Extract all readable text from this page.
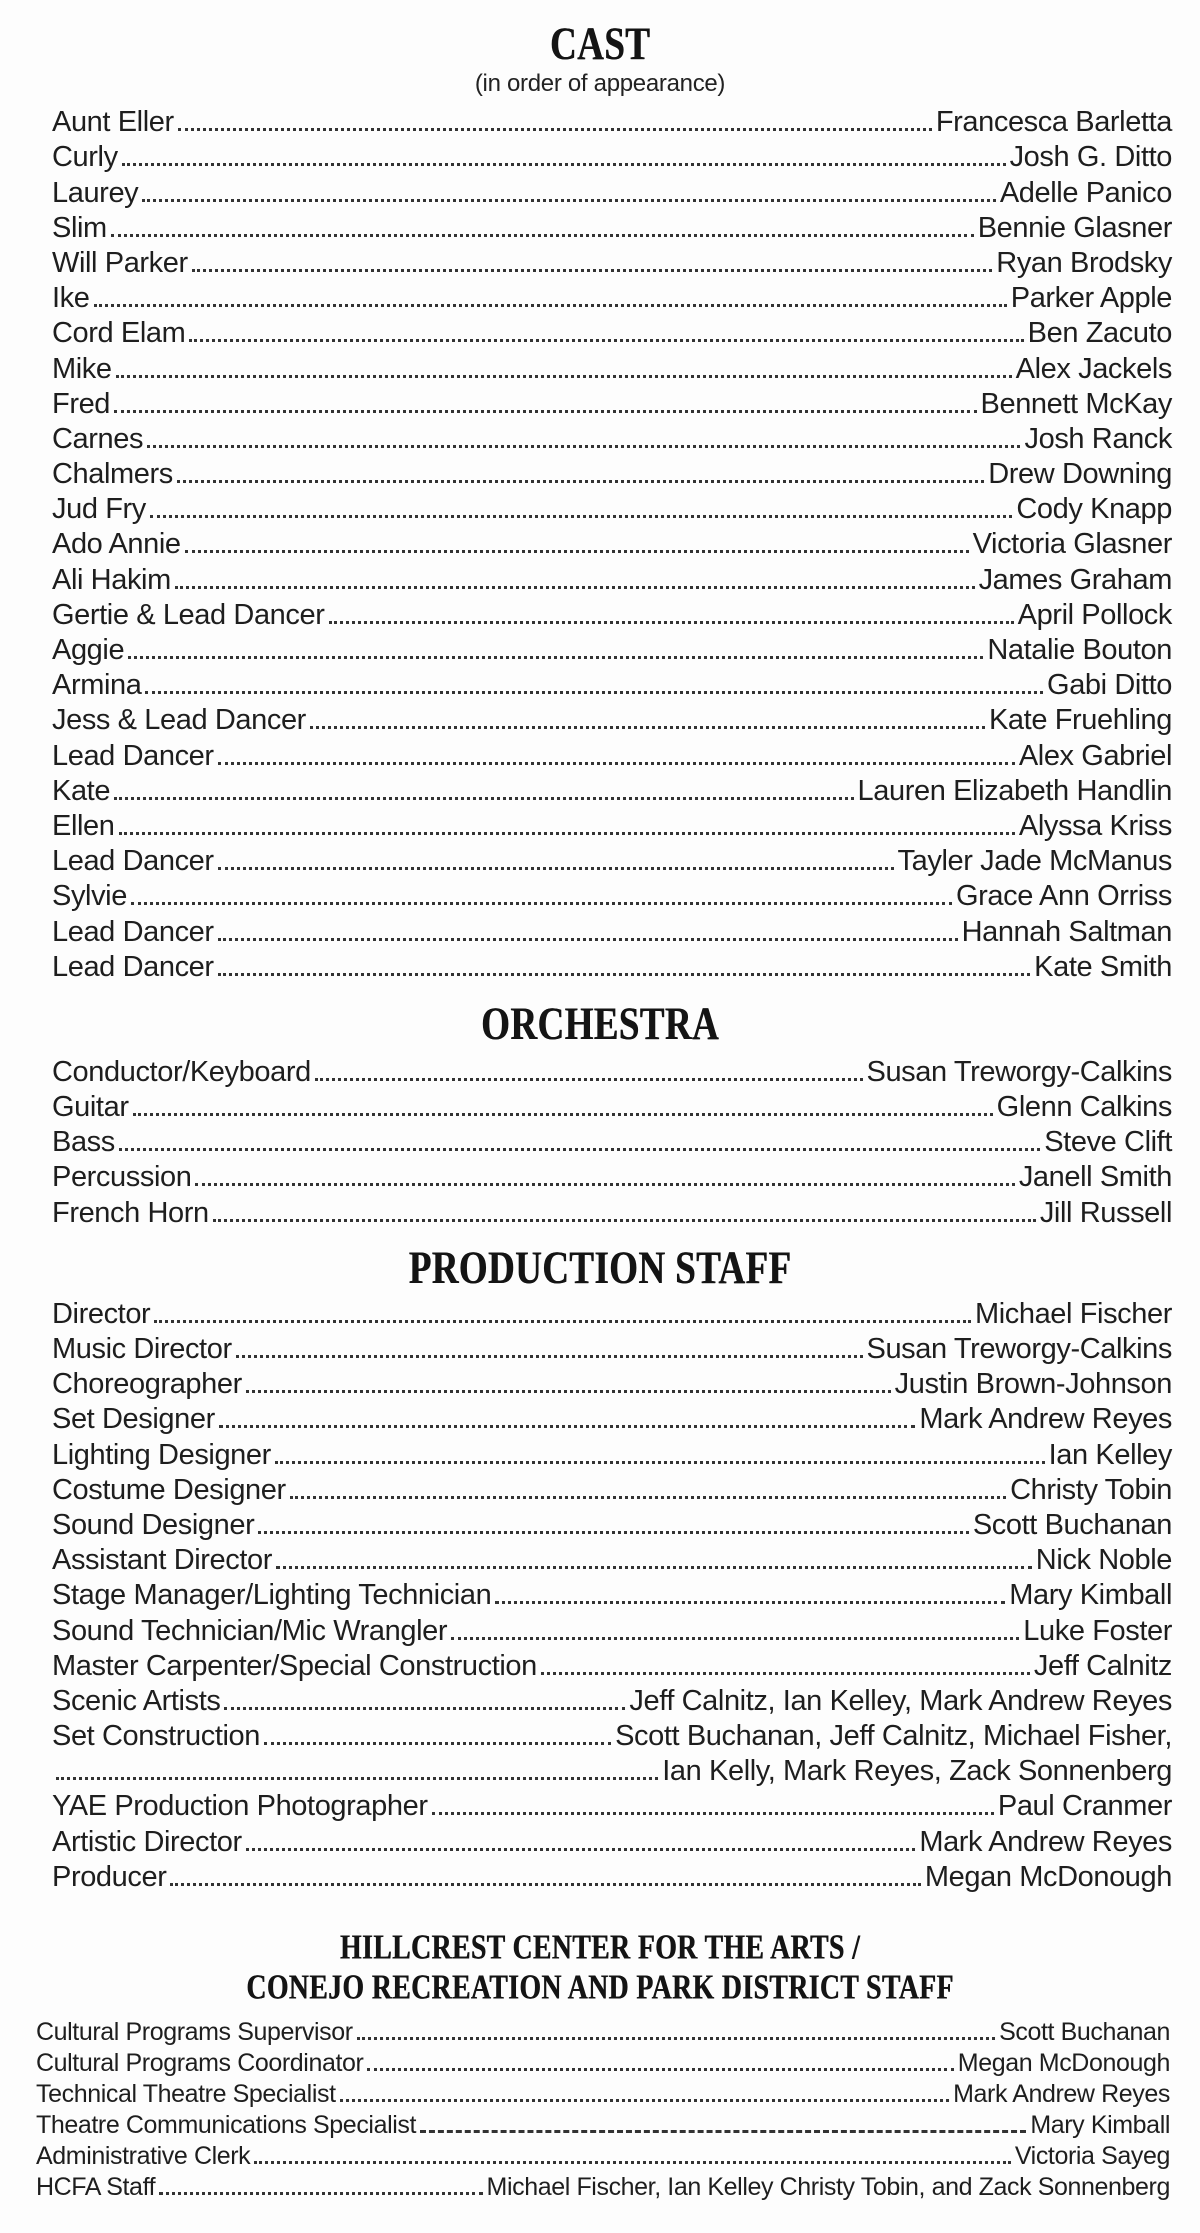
CAST
(in order of appearance)
Aunt Eller	Francesca Barletta
Curly	Josh G. Ditto
Laurey	Adelle Panico
Slim	Bennie Glasner
Will Parker	Ryan Brodsky
Ike	Parker Apple
Cord Elam	Ben Zacuto
Mike	Alex Jackels
Fred	Bennett McKay
Carnes	Josh Ranck
Chalmers	Drew Downing
Jud Fry	Cody Knapp
Ado Annie	Victoria Glasner
Ali Hakim	James Graham
Gertie & Lead Dancer	April Pollock
Aggie	Natalie Bouton
Armina	Gabi Ditto
Jess & Lead Dancer	Kate Fruehling
Lead Dancer	Alex Gabriel
Kate	Lauren Elizabeth Handlin
Ellen	Alyssa Kriss
Lead Dancer	Tayler Jade McManus
Sylvie	Grace Ann Orriss
Lead Dancer	Hannah Saltman
Lead Dancer	Kate Smith
ORCHESTRA
Conductor/Keyboard	Susan Treworgy-Calkins
Guitar	Glenn Calkins
Bass	Steve Clift
Percussion	Janell Smith
French Horn	Jill Russell
PRODUCTION STAFF
Director	Michael Fischer
Music Director	Susan Treworgy-Calkins
Choreographer	Justin Brown-Johnson
Set Designer	Mark Andrew Reyes
Lighting Designer	Ian Kelley
Costume Designer	Christy Tobin
Sound Designer	Scott Buchanan
Assistant Director	Nick Noble
Stage Manager/Lighting Technician	Mary Kimball
Sound Technician/Mic Wrangler	Luke Foster
Master Carpenter/Special Construction	Jeff Calnitz
Scenic Artists	Jeff Calnitz, Ian Kelley, Mark Andrew Reyes
Set Construction	Scott Buchanan, Jeff Calnitz, Michael Fisher,
Ian Kelly, Mark Reyes, Zack Sonnenberg
YAE Production Photographer	Paul Cranmer
Artistic Director	Mark Andrew Reyes
Producer	Megan McDonough
HILLCREST CENTER FOR THE ARTS /
CONEJO RECREATION AND PARK DISTRICT STAFF
Cultural Programs Supervisor	Scott Buchanan
Cultural Programs Coordinator	Megan McDonough
Technical Theatre Specialist	Mark Andrew Reyes
Theatre Communications Specialist	Mary Kimball
Administrative Clerk	Victoria Sayeg
HCFA Staff	Michael Fischer, Ian Kelley Christy Tobin, and Zack Sonnenberg
